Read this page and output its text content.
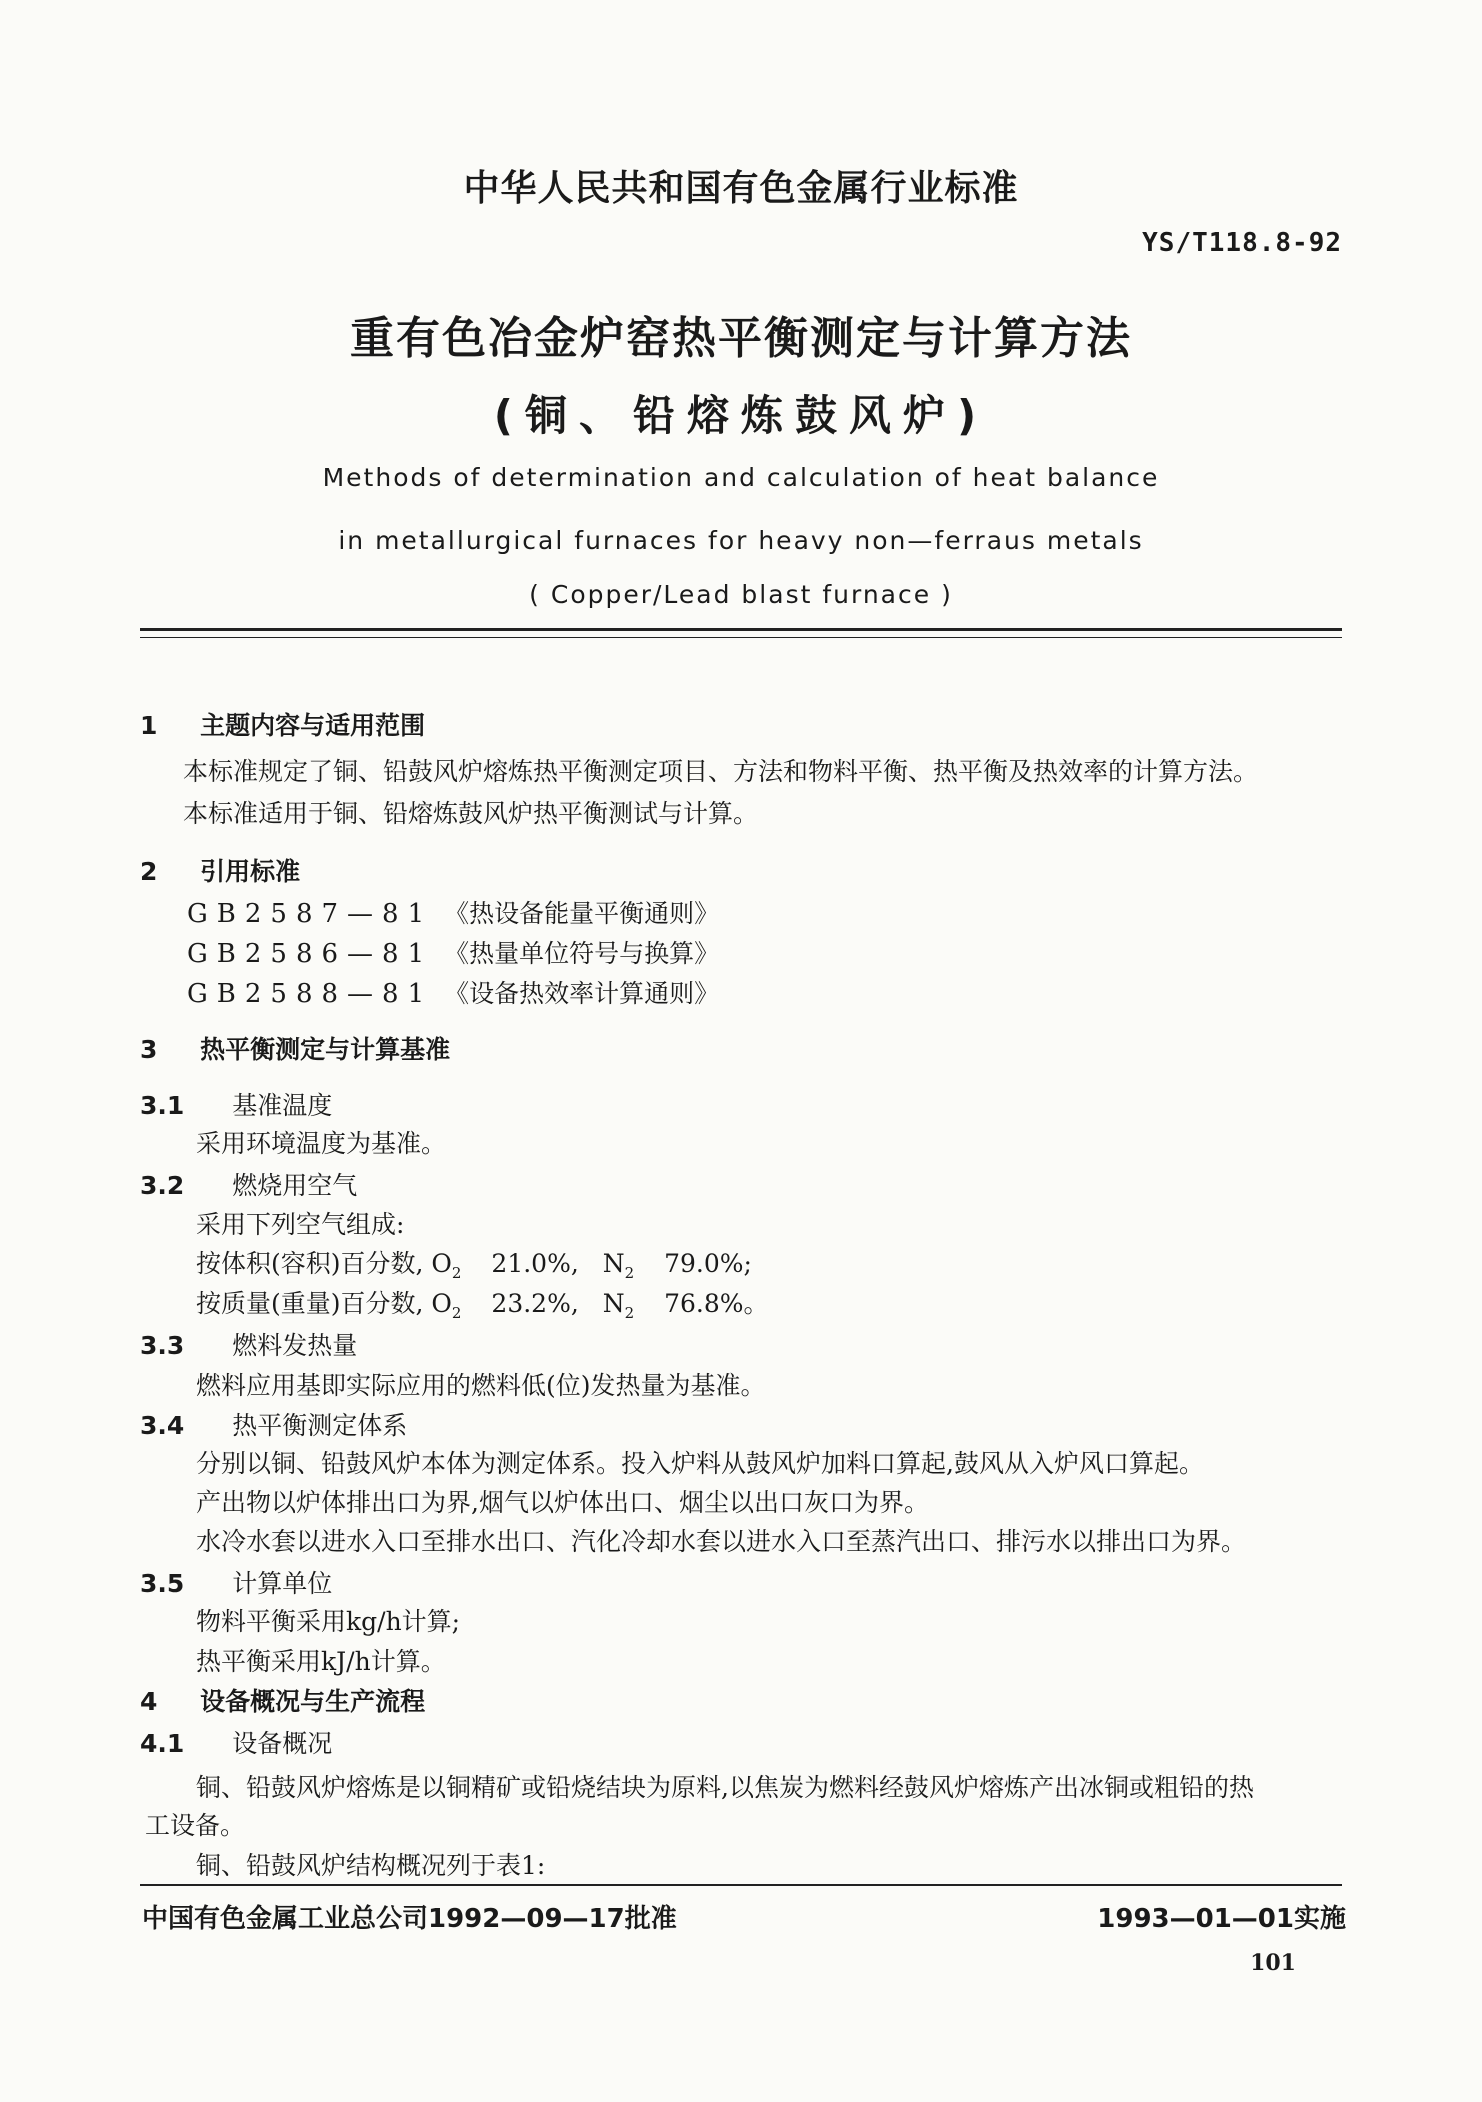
中华人民共和国有色金属行业标准
YS/T118.8-92
重有色冶金炉窑热平衡测定与计算方法
(铜、铅熔炼鼓风炉)
Methods of determination and calculation of heat balance
in metallurgical furnaces for heavy non—ferraus metals
( Copper/Lead blast furnace )
1 主题内容与适用范围
本标准规定了铜、铅鼓风炉熔炼热平衡测定项目、方法和物料平衡、热平衡及热效率的计算方法。
本标准适用于铜、铅熔炼鼓风炉热平衡测试与计算。
2 引用标准
GB2587—81 《热设备能量平衡通则》
GB2586—81 《热量单位符号与换算》
GB2588—81 《设备热效率计算通则》
3 热平衡测定与计算基准
3.1 基准温度
采用环境温度为基准。
3.2 燃烧用空气
采用下列空气组成:
按体积(容积)百分数, $O_2$ 21.0%, $N_2$ 79.0%;
按质量(重量)百分数, $O_2$ 23.2%, $N_2$ 76.8%。
3.3 燃料发热量
燃料应用基即实际应用的燃料低(位)发热量为基准。
3.4 热平衡测定体系
分别以铜、铅鼓风炉本体为测定体系。投入炉料从鼓风炉加料口算起,鼓风从入炉风口算起。
产出物以炉体排出口为界,烟气以炉体出口、烟尘以出口灰口为界。
水冷水套以进水入口至排水出口、汽化冷却水套以进水入口至蒸汽出口、排污水以排出口为界。
3.5 计算单位
物料平衡采用kg/h计算;
热平衡采用kJ/h计算。
4 设备概况与生产流程
4.1 设备概况
铜、铅鼓风炉熔炼是以铜精矿或铅烧结块为原料,以焦炭为燃料经鼓风炉熔炼产出冰铜或粗铅的热
工设备。
铜、铅鼓风炉结构概况列于表1:
中国有色金属工业总公司1992—09—17批准	1993—01—01实施
101
